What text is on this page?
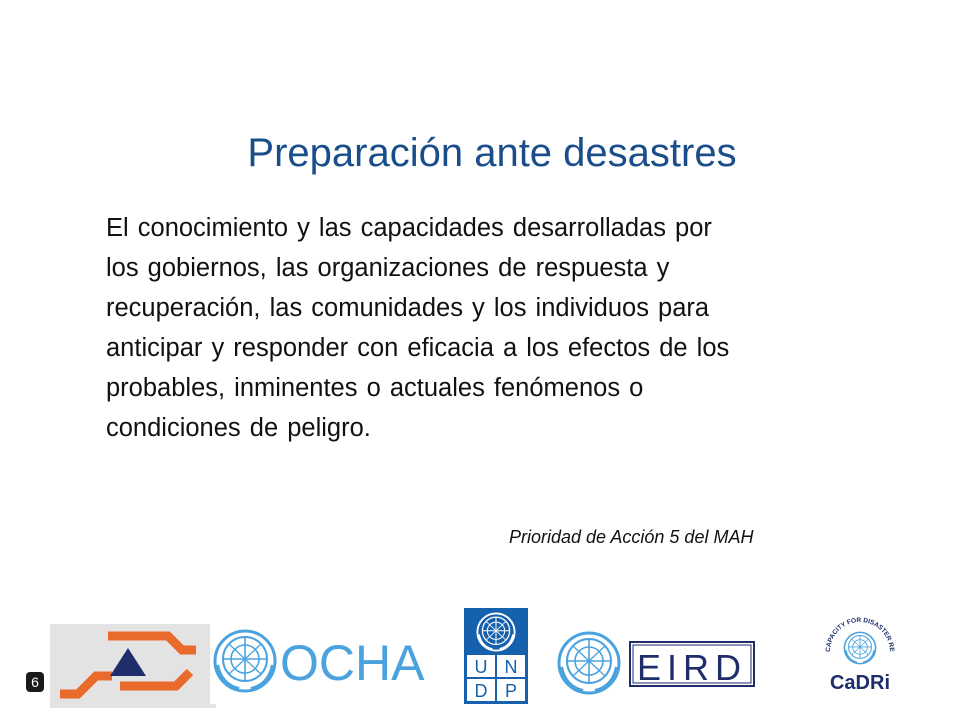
Preparación ante desastres
El conocimiento y las capacidades desarrolladas por
los gobiernos, las organizaciones de respuesta y
recuperación, las comunidades y los individuos para
anticipar y responder con eficacia a los efectos de los
probables, inminentes o actuales fenómenos o
condiciones de peligro.
Prioridad de Acción 5 del MAH
OCHA	U N
D P
EIRD	CAPACITY FOR DISASTER RE
CaDRi
6
